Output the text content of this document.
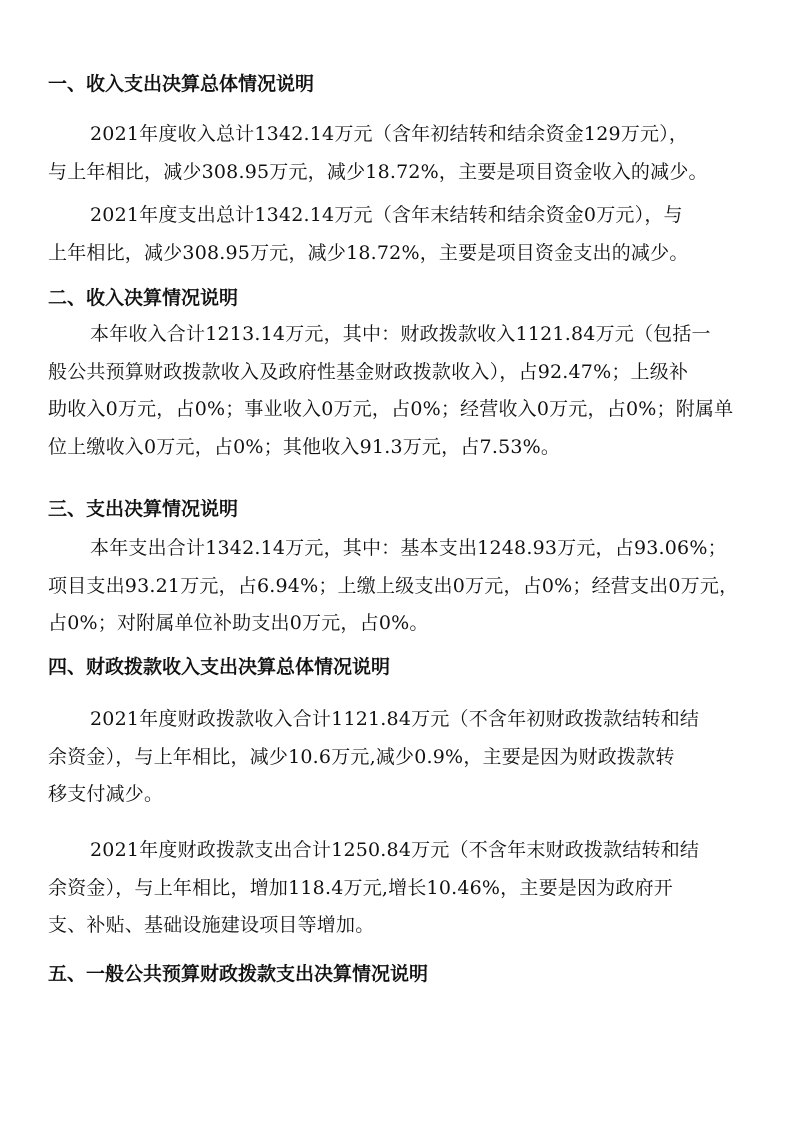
一、收入支出决算总体情况说明

2021年度收入总计1342.14万元（含年初结转和结余资金129万元），
与上年相比，减少308.95万元，减少18.72%，主要是项目资金收入的减少。

2021年度支出总计1342.14万元（含年末结转和结余资金0万元），与
上年相比，减少308.95万元，减少18.72%，主要是项目资金支出的减少。

二、收入决算情况说明

本年收入合计1213.14万元，其中：财政拨款收入1121.84万元（包括一
般公共预算财政拨款收入及政府性基金财政拨款收入），占92.47%；上级补
助收入0万元，占0%；事业收入0万元，占0%；经营收入0万元，占0%；附属单
位上缴收入0万元，占0%；其他收入91.3万元，占7.53%。

三、支出决算情况说明

本年支出合计1342.14万元，其中：基本支出1248.93万元，占93.06%；
项目支出93.21万元，占6.94%；上缴上级支出0万元，占0%；经营支出0万元，
占0%；对附属单位补助支出0万元，占0%。

四、财政拨款收入支出决算总体情况说明

2021年度财政拨款收入合计1121.84万元（不含年初财政拨款结转和结
余资金），与上年相比，减少10.6万元,减少0.9%，主要是因为财政拨款转
移支付减少。

2021年度财政拨款支出合计1250.84万元（不含年末财政拨款结转和结
余资金），与上年相比，增加118.4万元,增长10.46%，主要是因为政府开
支、补贴、基础设施建设项目等增加。

五、一般公共预算财政拨款支出决算情况说明
